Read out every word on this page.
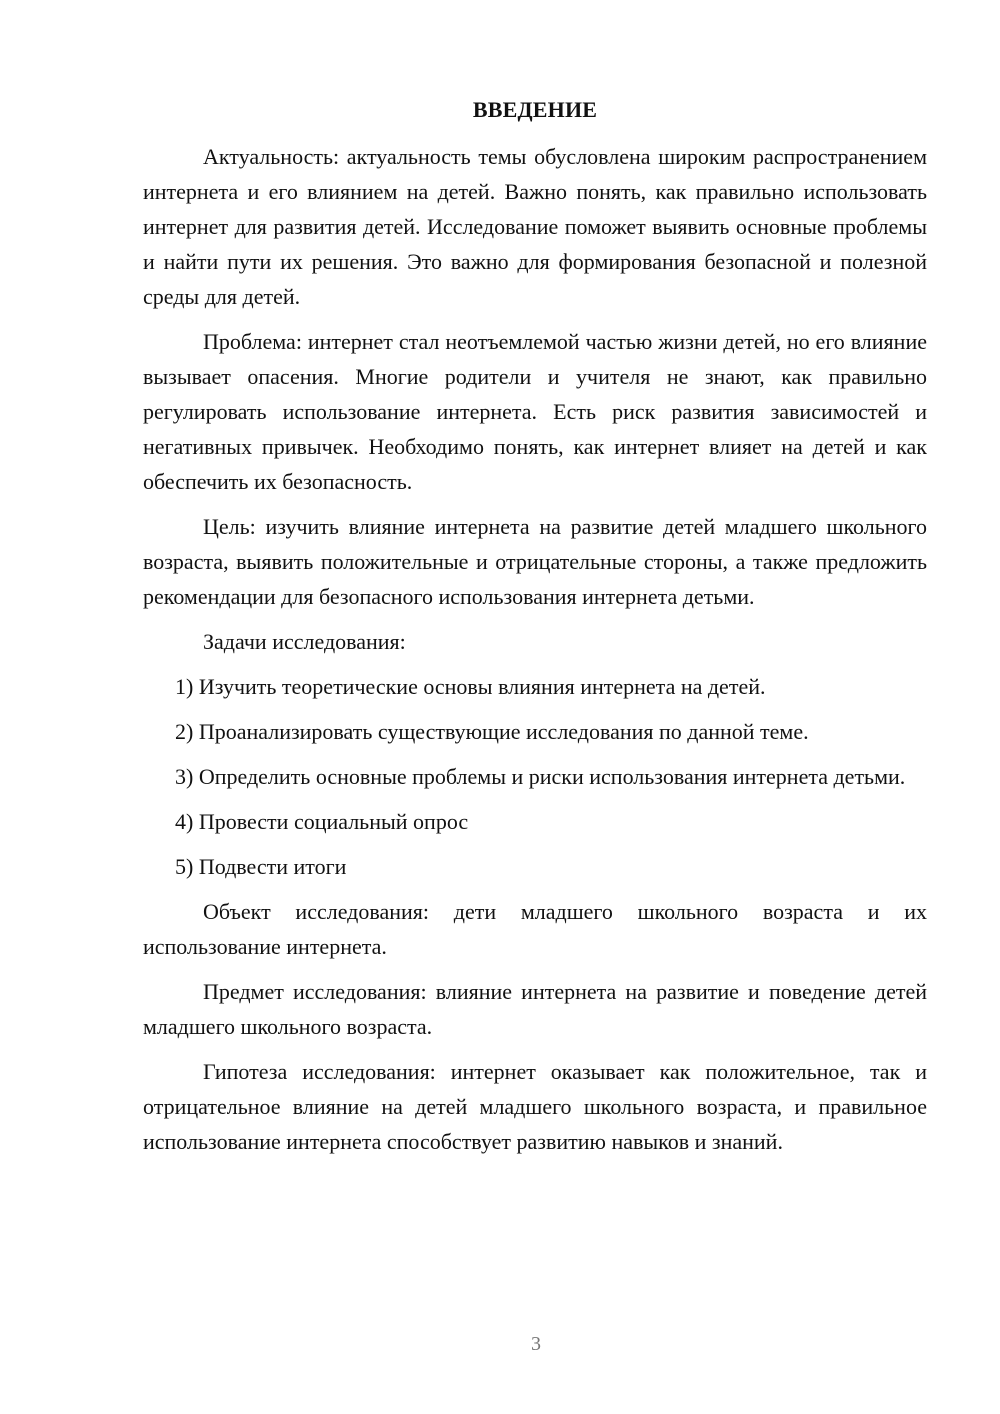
ВВЕДЕНИЕ

Актуальность: актуальность темы обусловлена широким распространением интернета и его влиянием на детей. Важно понять, как правильно использовать интернет для развития детей. Исследование поможет выявить основные проблемы и найти пути их решения. Это важно для формирования безопасной и полезной среды для детей.

Проблема: интернет стал неотъемлемой частью жизни детей, но его влияние вызывает опасения. Многие родители и учителя не знают, как правильно регулировать использование интернета. Есть риск развития зависимостей и негативных привычек. Необходимо понять, как интернет влияет на детей и как обеспечить их безопасность.

Цель: изучить влияние интернета на развитие детей младшего школьного возраста, выявить положительные и отрицательные стороны, а также предложить рекомендации для безопасного использования интернета детьми.

Задачи исследования:

1) Изучить теоретические основы влияния интернета на детей.

2) Проанализировать существующие исследования по данной теме.

3) Определить основные проблемы и риски использования интернета детьми.

4) Провести социальный опрос

5) Подвести итоги

Объект исследования: дети младшего школьного возраста и их использование интернета.

Предмет исследования: влияние интернета на развитие и поведение детей младшего школьного возраста.

Гипотеза исследования: интернет оказывает как положительное, так и отрицательное влияние на детей младшего школьного возраста, и правильное использование интернета способствует развитию навыков и знаний.

3
